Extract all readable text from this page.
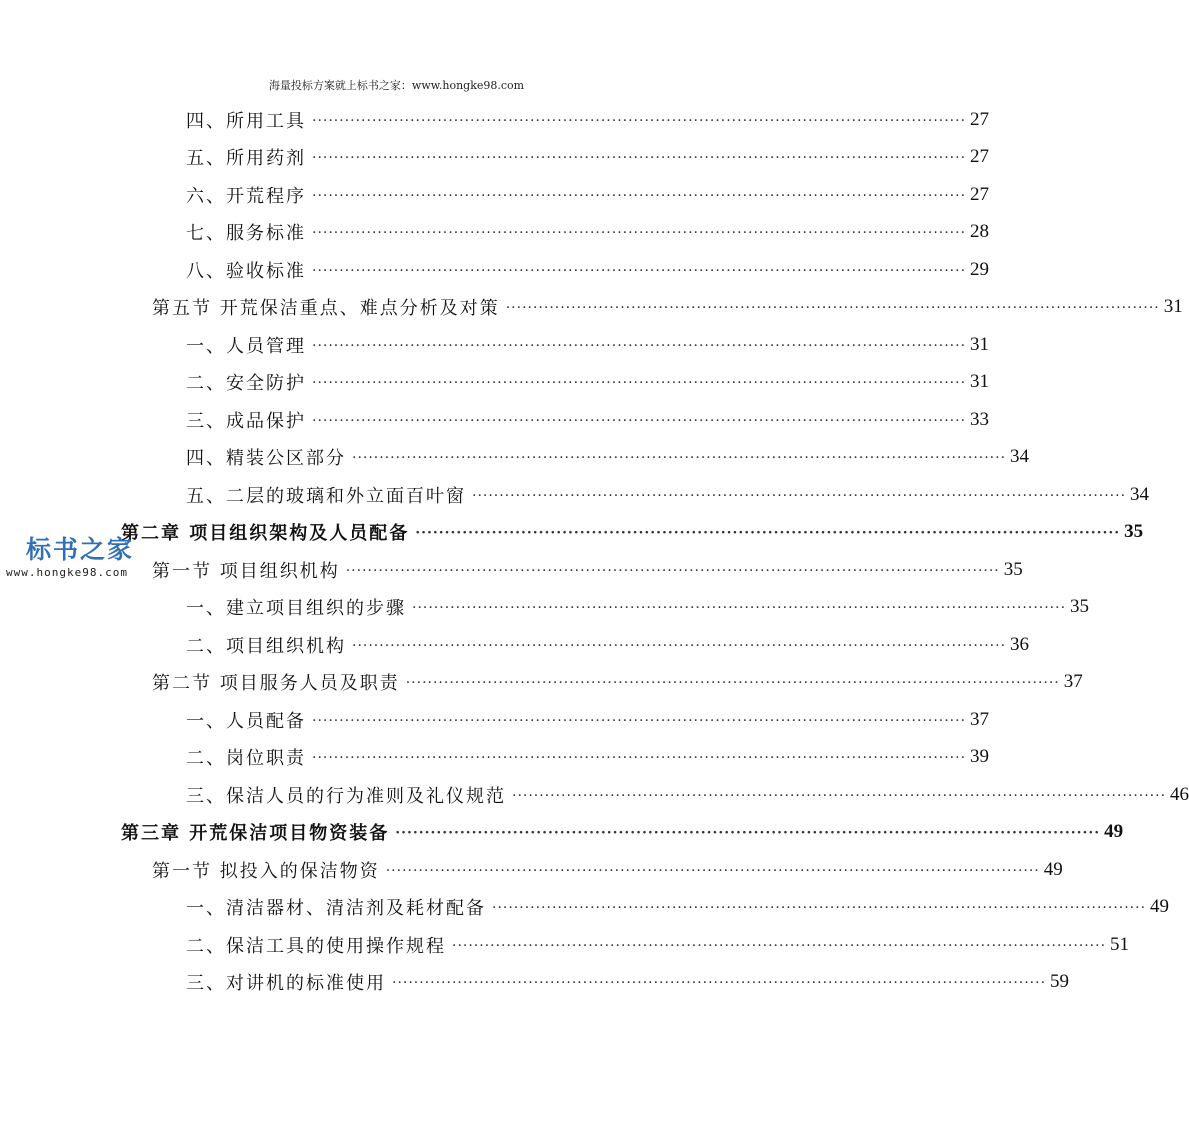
海量投标方案就上标书之家：www.hongke98.com
四、所用工具 ························································································································ 27
五、所用药剂 ························································································································ 27
六、开荒程序 ························································································································ 27
七、服务标准 ························································································································ 28
八、验收标准 ························································································································ 29
第五节 开荒保洁重点、难点分析及对策 ························································································································ 31
一、人员管理 ························································································································ 31
二、安全防护 ························································································································ 31
三、成品保护 ························································································································ 33
四、精装公区部分 ························································································································ 34
五、二层的玻璃和外立面百叶窗 ························································································································ 34
第二章 项目组织架构及人员配备 ························································································································ 35
第一节 项目组织机构 ························································································································ 35
一、建立项目组织的步骤 ························································································································ 35
二、项目组织机构 ························································································································ 36
第二节 项目服务人员及职责 ························································································································ 37
一、人员配备 ························································································································ 37
二、岗位职责 ························································································································ 39
三、保洁人员的行为准则及礼仪规范 ························································································································ 46
第三章 开荒保洁项目物资装备 ························································································································ 49
第一节 拟投入的保洁物资 ························································································································ 49
一、清洁器材、清洁剂及耗材配备 ························································································································ 49
二、保洁工具的使用操作规程 ························································································································ 51
三、对讲机的标准使用 ························································································································ 59
标书之家
www.hongke98.com
